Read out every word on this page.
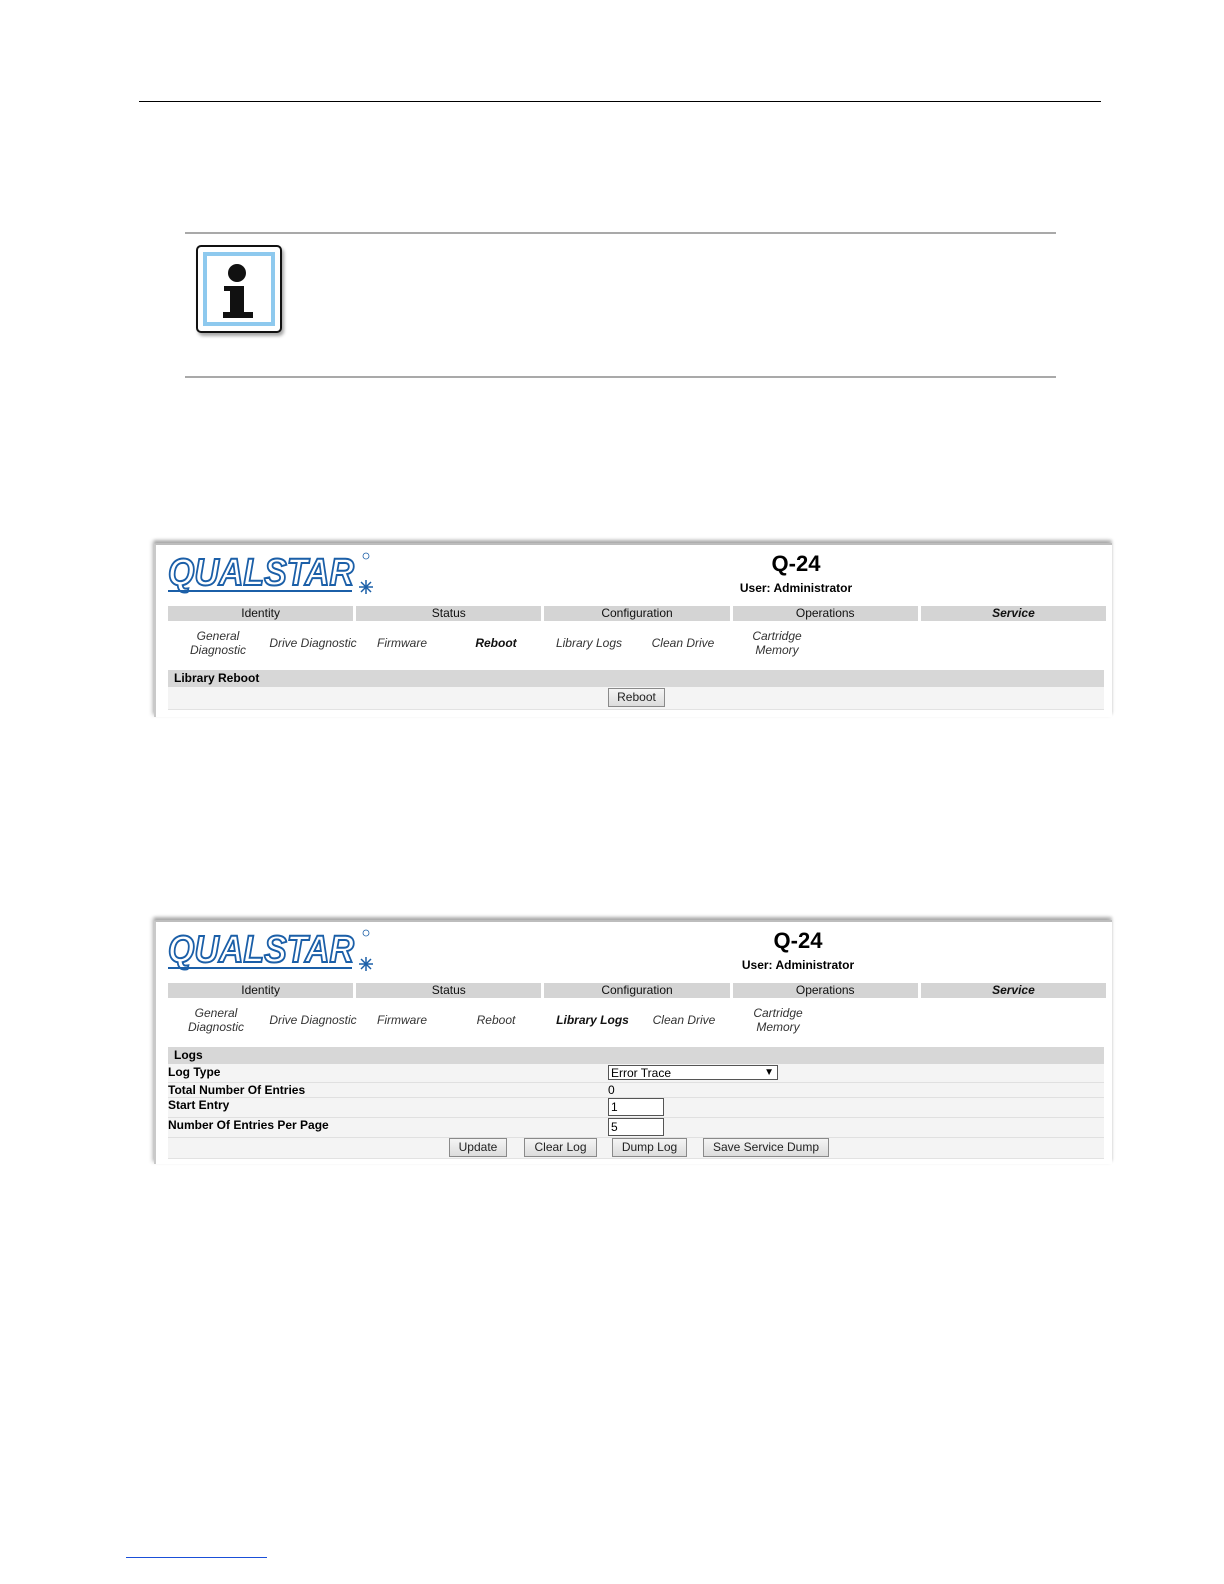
QUALSTAR	Q-24
User: Administrator
Identity	Status	Configuration	Operations	Service
General
Diagnostic	Drive Diagnostic	Firmware	Reboot	Library Logs	Clean Drive	Cartridge
Memory
Library Reboot
Reboot
QUALSTAR	Q-24
User: Administrator
Identity	Status	Configuration	Operations	Service
General
Diagnostic	Drive Diagnostic	Firmware	Reboot	Library Logs	Clean Drive	Cartridge
Memory
Logs
Log Type	Error Trace	▼
Total Number Of Entries	0
Start Entry	1
Number Of Entries Per Page	5
Update	Clear Log	Dump Log	Save Service Dump
